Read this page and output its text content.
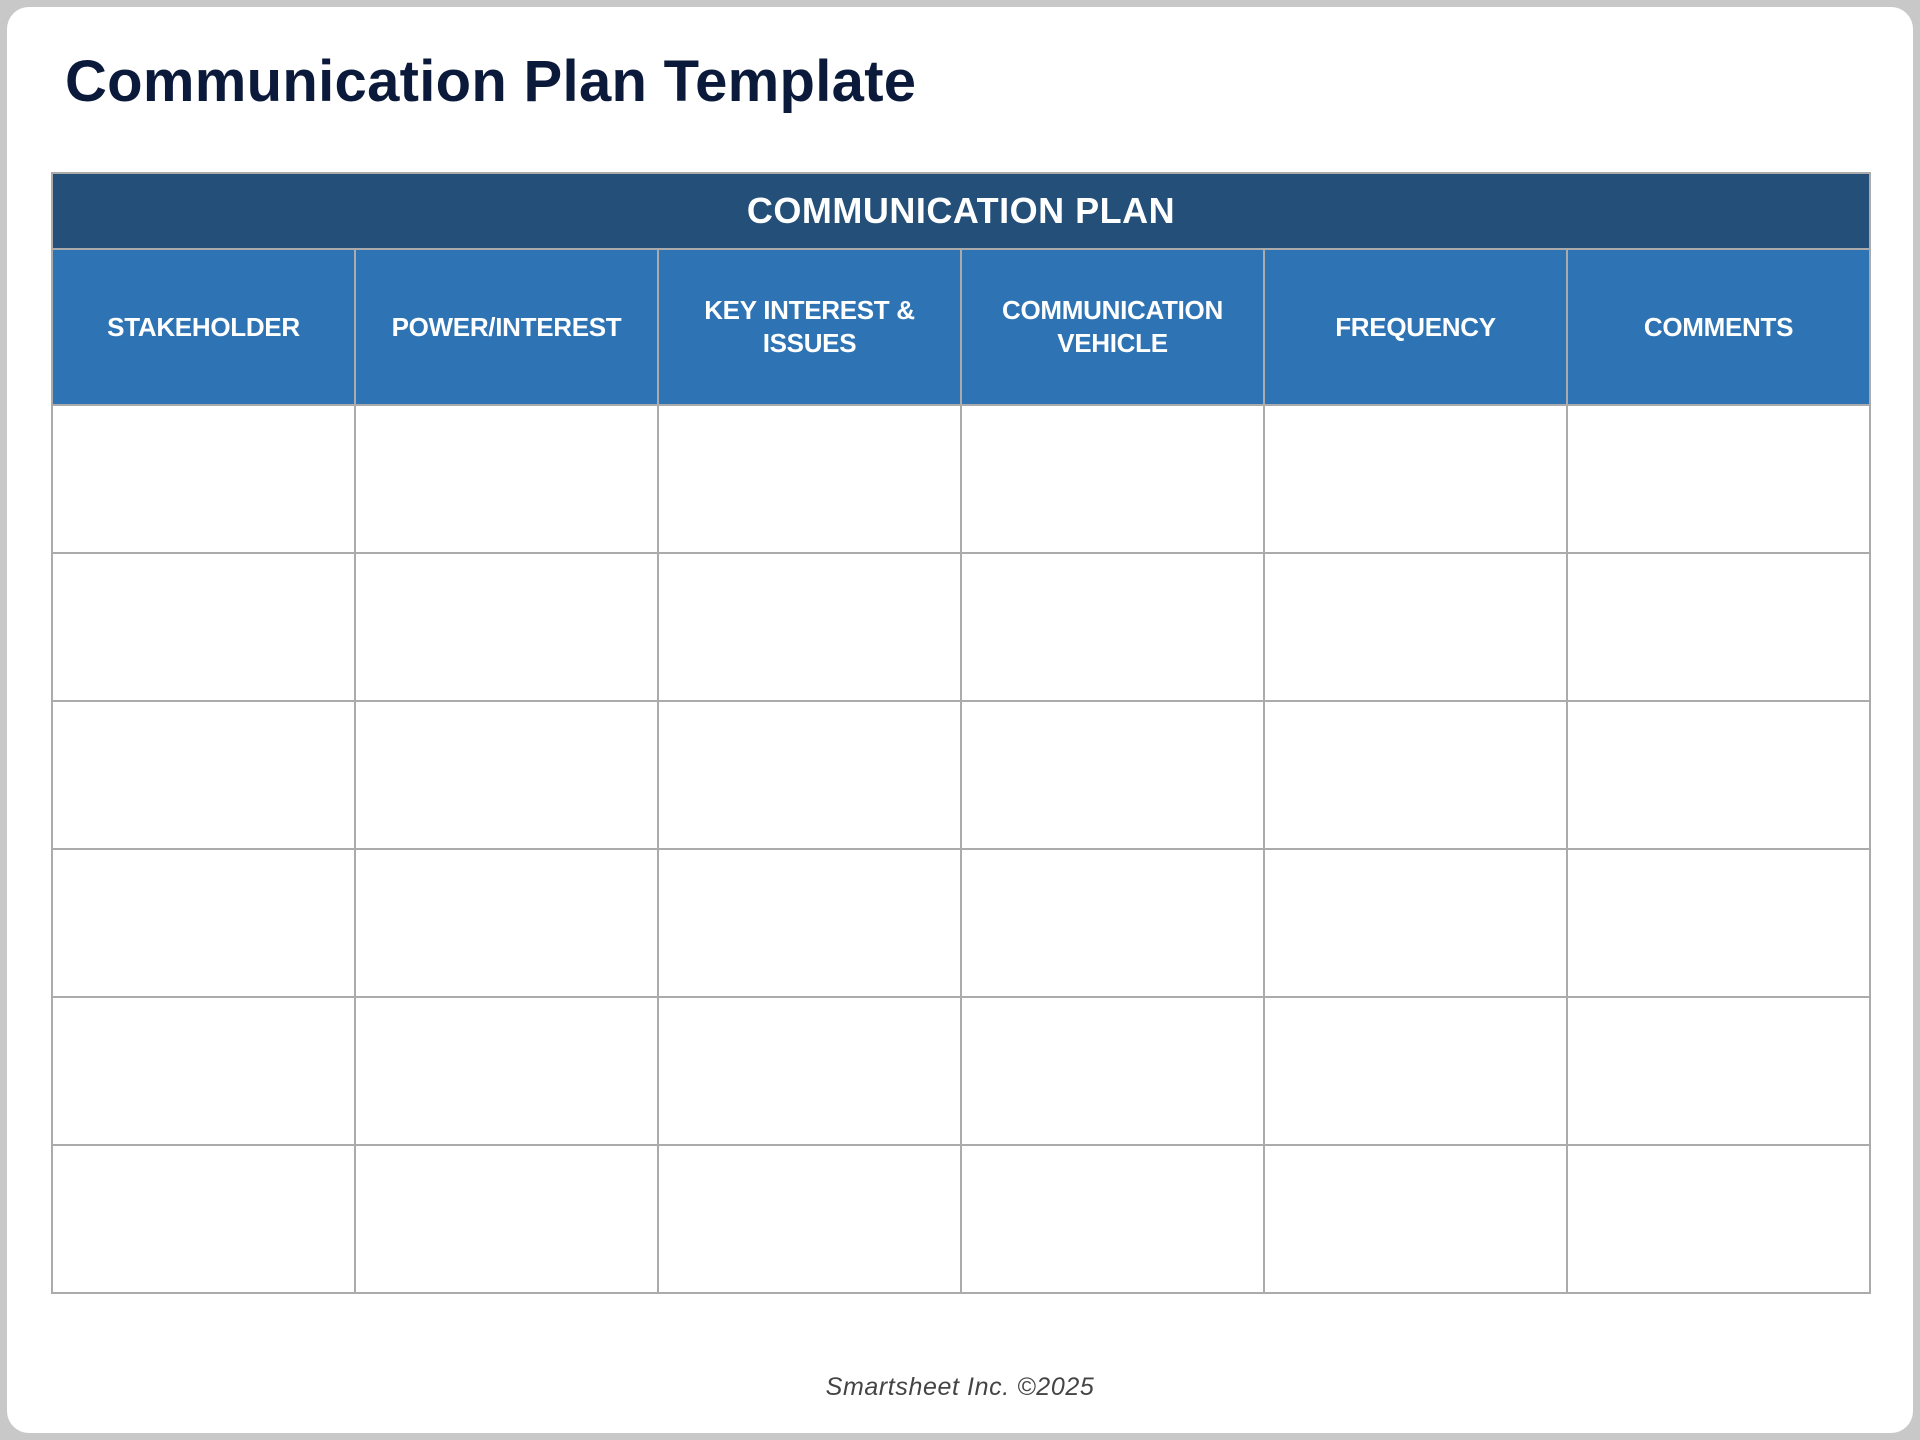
Communication Plan Template
COMMUNICATION PLAN					
STAKEHOLDER	POWER/INTEREST	KEY INTEREST & ISSUES	COMMUNICATION VEHICLE	FREQUENCY	COMMENTS

Smartsheet Inc. ©2025
